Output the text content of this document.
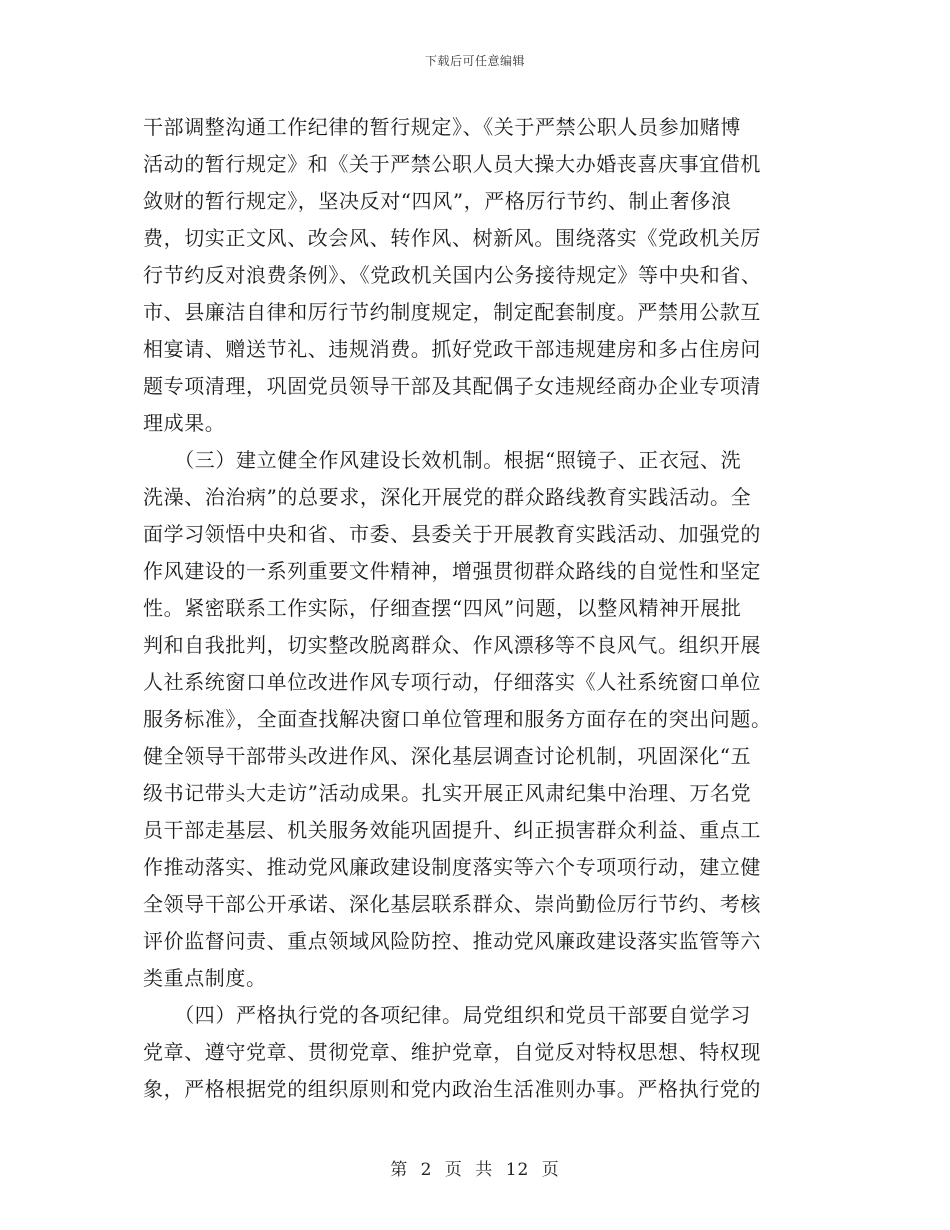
下载后可任意编辑
干部调整沟通工作纪律的暂行规定》、《关于严禁公职人员参加赌博
活动的暂行规定》和《关于严禁公职人员大操大办婚丧喜庆事宜借机
敛财的暂行规定》，坚决反对“四风”，严格厉行节约、制止奢侈浪
费，切实正文风、改会风、转作风、树新风。围绕落实《党政机关厉
行节约反对浪费条例》、《党政机关国内公务接待规定》等中央和省、
市、县廉洁自律和厉行节约制度规定，制定配套制度。严禁用公款互
相宴请、赠送节礼、违规消费。抓好党政干部违规建房和多占住房问
题专项清理，巩固党员领导干部及其配偶子女违规经商办企业专项清
理成果。
　　（三）建立健全作风建设长效机制。根据“照镜子、正衣冠、洗
洗澡、治治病”的总要求，深化开展党的群众路线教育实践活动。全
面学习领悟中央和省、市委、县委关于开展教育实践活动、加强党的
作风建设的一系列重要文件精神，增强贯彻群众路线的自觉性和坚定
性。紧密联系工作实际，仔细查摆“四风”问题，以整风精神开展批
判和自我批判，切实整改脱离群众、作风漂移等不良风气。组织开展
人社系统窗口单位改进作风专项行动，仔细落实《人社系统窗口单位
服务标准》，全面查找解决窗口单位管理和服务方面存在的突出问题。
健全领导干部带头改进作风、深化基层调查讨论机制，巩固深化“五
级书记带头大走访”活动成果。扎实开展正风肃纪集中治理、万名党
员干部走基层、机关服务效能巩固提升、纠正损害群众利益、重点工
作推动落实、推动党风廉政建设制度落实等六个专项项行动，建立健
全领导干部公开承诺、深化基层联系群众、崇尚勤俭厉行节约、考核
评价监督问责、重点领域风险防控、推动党风廉政建设落实监管等六
类重点制度。
　　（四）严格执行党的各项纪律。局党组织和党员干部要自觉学习
党章、遵守党章、贯彻党章、维护党章，自觉反对特权思想、特权现
象，严格根据党的组织原则和党内政治生活准则办事。严格执行党的
第 2 页 共 12 页
